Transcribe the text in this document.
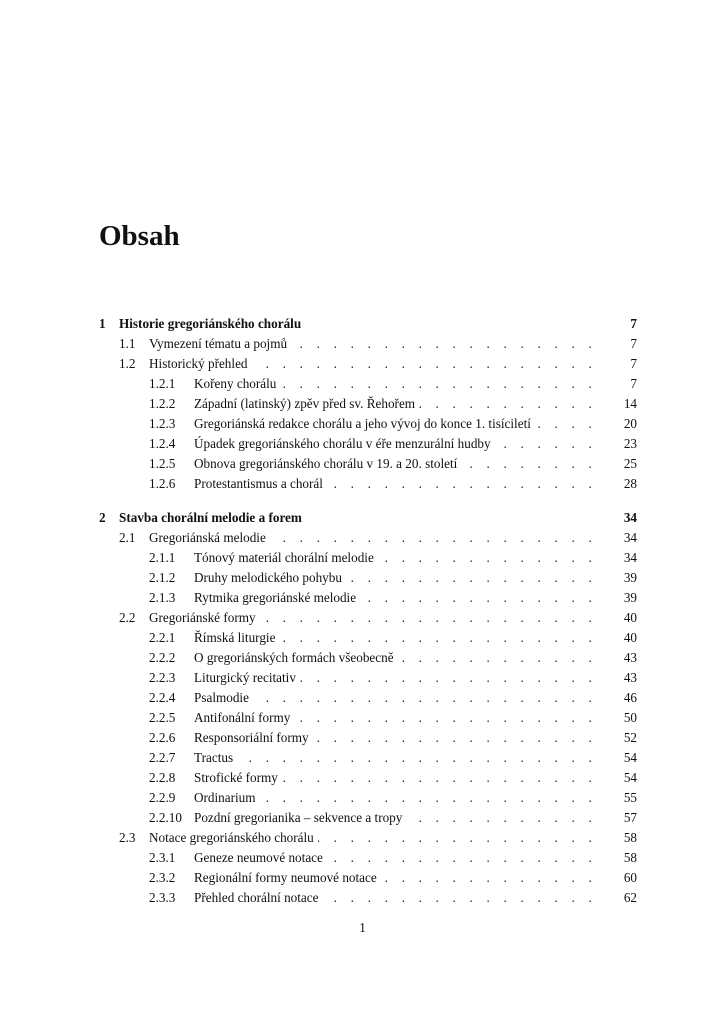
Obsah
1 Historie gregoriánského chorálu	7
1.1 Vymezení tématu a pojmů . . .	7
1.2 Historický přehled . . .	7
1.2.1 Kořeny chorálu . . .	7
1.2.2 Západní (latinský) zpěv před sv. Řehořem . . .	14
1.2.3 Gregoriánská redakce chorálu a jeho vývoj do konce 1. tisíciletí . . .	20
1.2.4 Úpadek gregoriánského chorálu v éře menzurální hudby . . .	23
1.2.5 Obnova gregoriánského chorálu v 19. a 20. století . . .	25
1.2.6 Protestantismus a chorál . . .	28
2 Stavba chorální melodie a forem	34
2.1 Gregoriánská melodie . . .	34
2.1.1 Tónový materiál chorální melodie . . .	34
2.1.2 Druhy melodického pohybu . . .	39
2.1.3 Rytmika gregoriánské melodie . . .	39
2.2 Gregoriánské formy . . .	40
2.2.1 Římská liturgie . . .	40
2.2.2 O gregoriánských formách všeobecně . . .	43
2.2.3 Liturgický recitativ . . .	43
2.2.4 Psalmodie . . .	46
2.2.5 Antifonální formy . . .	50
2.2.6 Responsoriální formy . . .	52
2.2.7 Tractus . . .	54
2.2.8 Strofické formy . . .	54
2.2.9 Ordinarium . . .	55
2.2.10 Pozdní gregorianika – sekvence a tropy . . .	57
2.3 Notace gregoriánského chorálu . . .	58
2.3.1 Geneze neumové notace . . .	58
2.3.2 Regionální formy neumové notace . . .	60
2.3.3 Přehled chorální notace . . .	62
1
